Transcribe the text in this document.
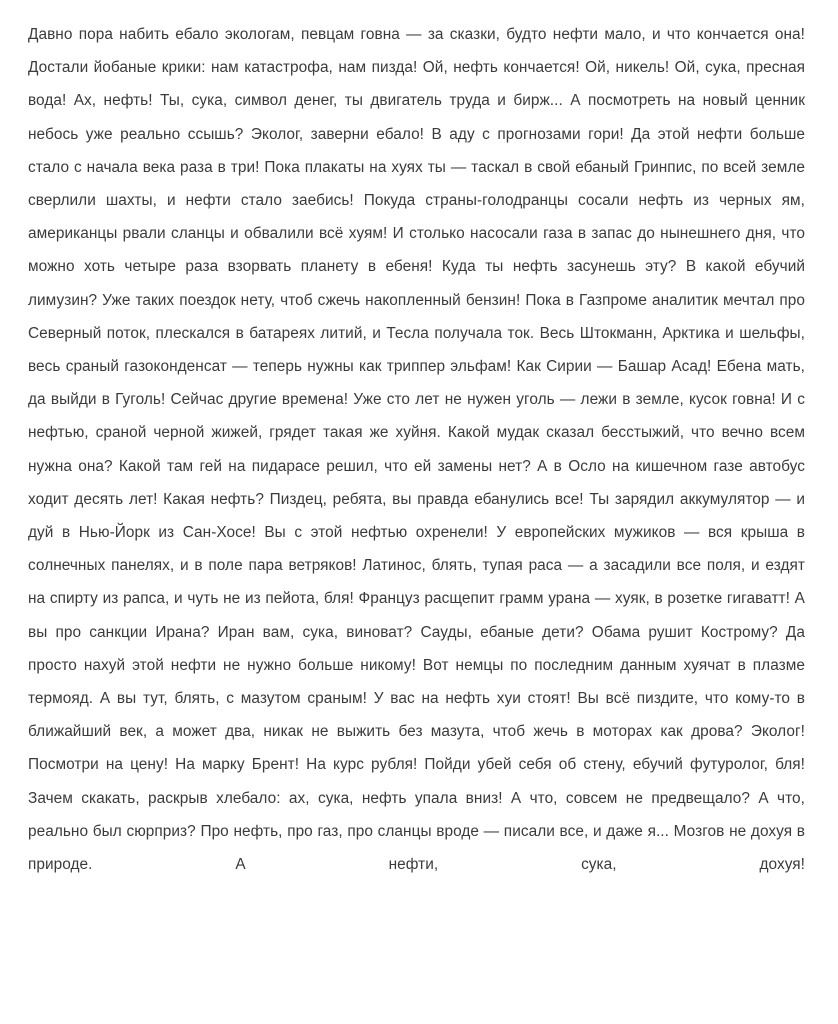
Давно пора набить ебало экологам, певцам говна — за сказки, будто нефти мало, и что кончается она! Достали йобаные крики: нам катастрофа, нам пизда! Ой, нефть кончается! Ой, никель! Ой, сука, пресная вода! Ах, нефть! Ты, сука, символ денег, ты двигатель труда и бирж... А посмотреть на новый ценник небось уже реально ссышь? Эколог, заверни ебало! В аду с прогнозами гори! Да этой нефти больше стало с начала века раза в три! Пока плакаты на хуях ты — таскал в свой ебаный Гринпис, по всей земле сверлили шахты, и нефти стало заебись! Покуда страны-голодранцы сосали нефть из черных ям, американцы рвали сланцы и обвалили всё хуям! И столько насосали газа в запас до нынешнего дня, что можно хоть четыре раза взорвать планету в ебеня! Куда ты нефть засунешь эту? В какой ебучий лимузин? Уже таких поездок нету, чтоб сжечь накопленный бензин! Пока в Газпроме аналитик мечтал про Северный поток, плескался в батареях литий, и Тесла получала ток. Весь Штокманн, Арктика и шельфы, весь сраный газоконденсат — теперь нужны как триппер эльфам! Как Сирии — Башар Асад! Ебена мать, да выйди в Гуголь! Сейчас другие времена! Уже сто лет не нужен уголь — лежи в земле, кусок говна! И с нефтью, сраной черной жижей, грядет такая же хуйня. Какой мудак сказал бесстыжий, что вечно всем нужна она? Какой там гей на пидарасе решил, что ей замены нет? А в Осло на кишечном газе автобус ходит десять лет! Какая нефть? Пиздец, ребята, вы правда ебанулись все! Ты зарядил аккумулятор — и дуй в Нью-Йорк из Сан-Хосе! Вы с этой нефтью охренели! У европейских мужиков — вся крыша в солнечных панелях, и в поле пара ветряков! Латинос, блять, тупая раса — а засадили все поля, и ездят на спирту из рапса, и чуть не из пейота, бля! Француз расщепит грамм урана — хуяк, в розетке гигаватт! А вы про санкции Ирана? Иран вам, сука, виноват? Сауды, ебаные дети? Обама рушит Кострому? Да просто нахуй этой нефти не нужно больше никому! Вот немцы по последним данным хуячат в плазме термояд. А вы тут, блять, с мазутом сраным! У вас на нефть хуи стоят! Вы всё пиздите, что кому-то в ближайший век, а может два, никак не выжить без мазута, чтоб жечь в моторах как дрова? Эколог! Посмотри на цену! На марку Брент! На курс рубля! Пойди убей себя об стену, ебучий футуролог, бля! Зачем скакать, раскрыв хлебало: ах, сука, нефть упала вниз! А что, совсем не предвещало? А что, реально был сюрприз? Про нефть, про газ, про сланцы вроде — писали все, и даже я... Мозгов не дохуя в природе. А нефти, сука, дохуя!
